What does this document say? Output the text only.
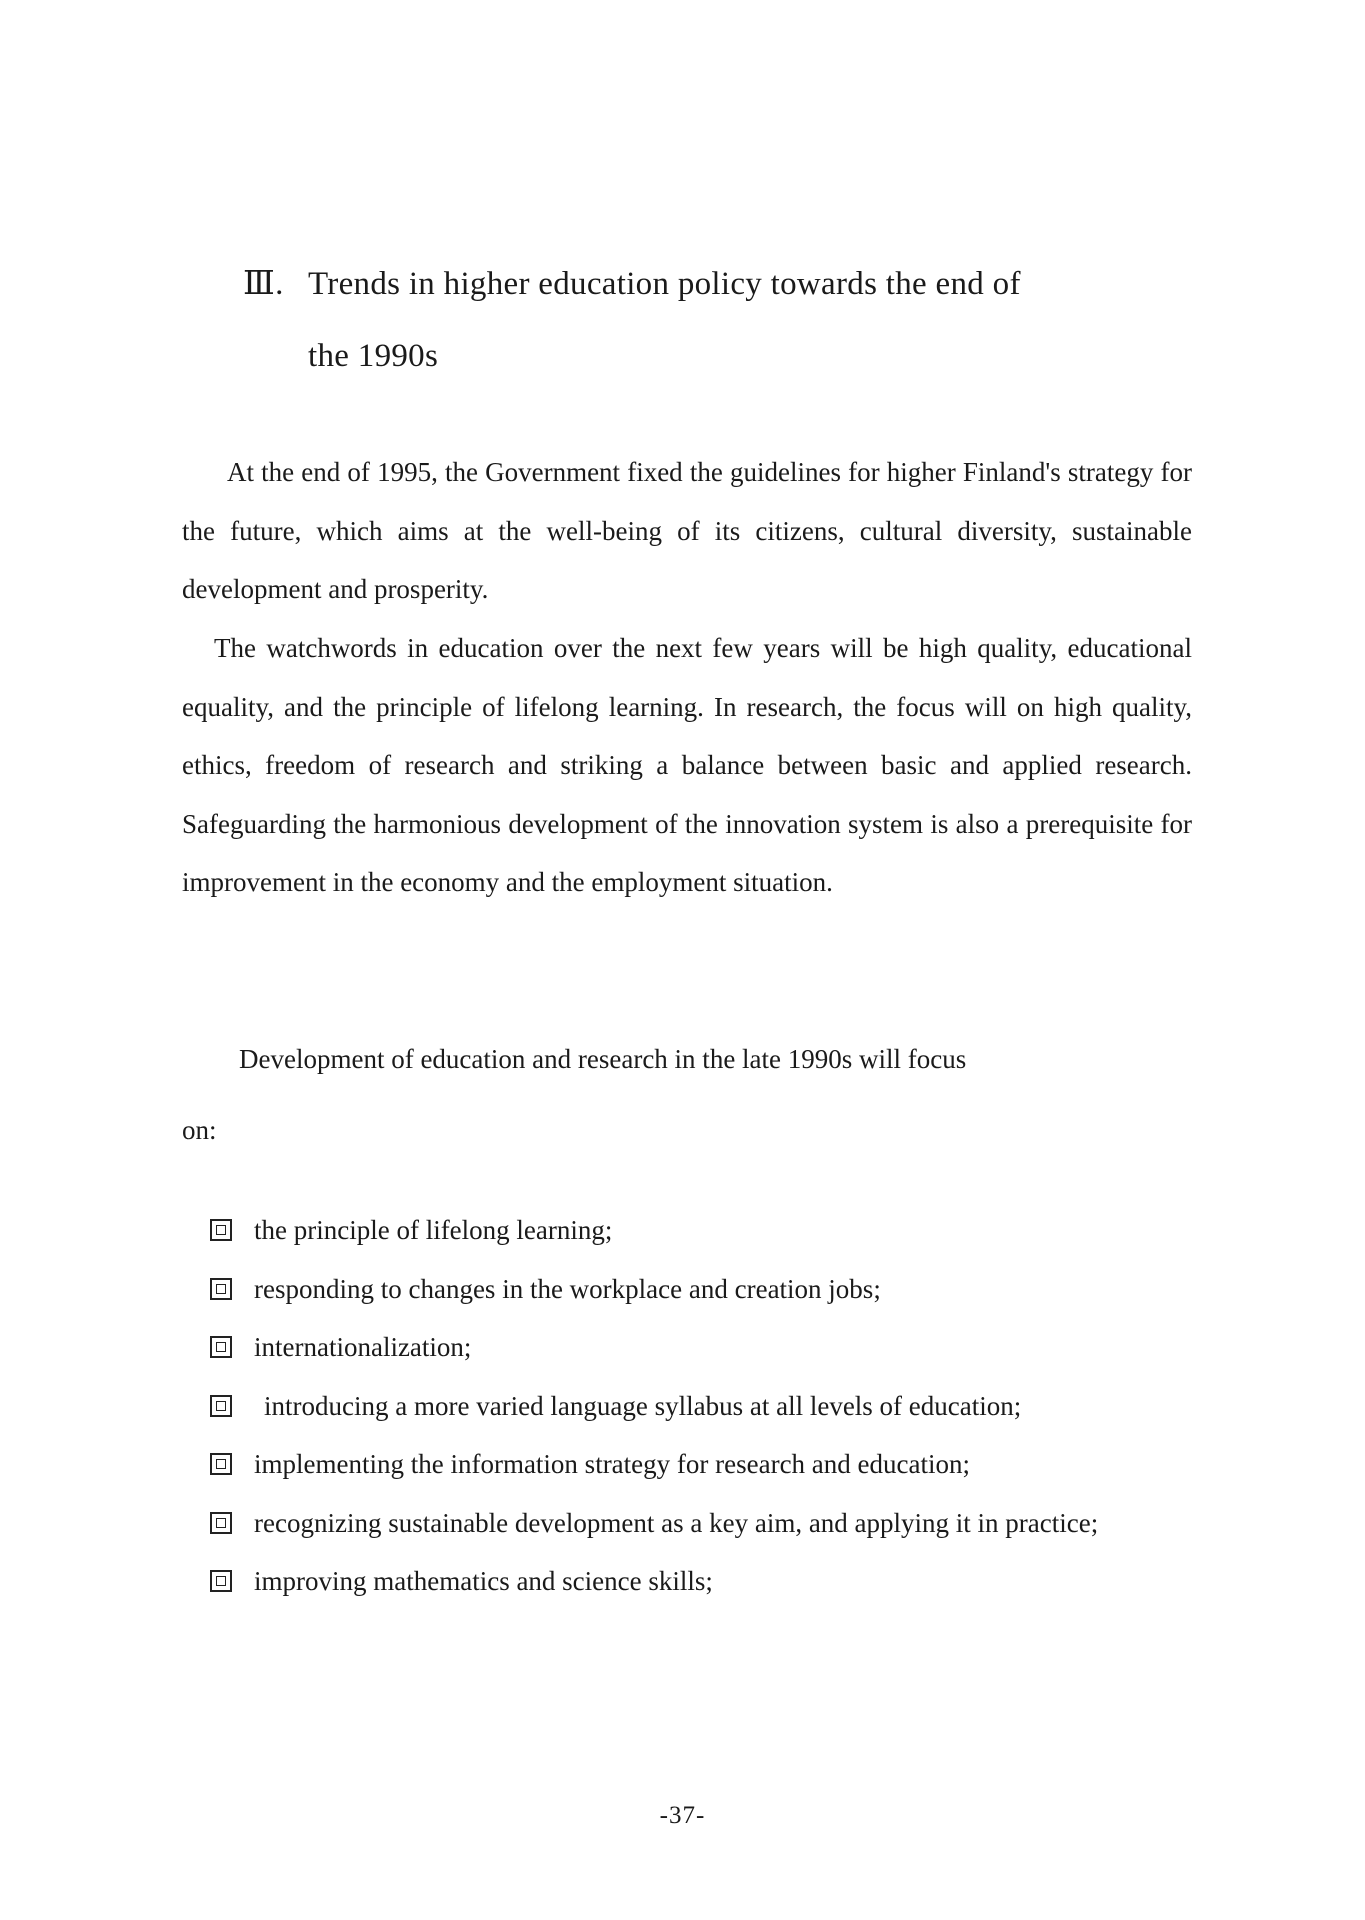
Ⅲ. Trends in higher education policy towards the end of
the 1990s

At the end of 1995, the Government fixed the guidelines for higher Finland's strategy for the future, which aims at the well-being of its citizens, cultural diversity, sustainable development and prosperity.

The watchwords in education over the next few years will be high quality, educational equality, and the principle of lifelong learning. In research, the focus will on high quality, ethics, freedom of research and striking a balance between basic and applied research. Safeguarding the harmonious development of the innovation system is also a prerequisite for improvement in the economy and the employment situation.

Development of education and research in the late 1990s will focus
on:
the principle of lifelong learning;
responding to changes in the workplace and creation jobs;
internationalization;
introducing a more varied language syllabus at all levels of education;
implementing the information strategy for research and education;
recognizing sustainable development as a key aim, and applying it in practice;
improving mathematics and science skills;
-37-
